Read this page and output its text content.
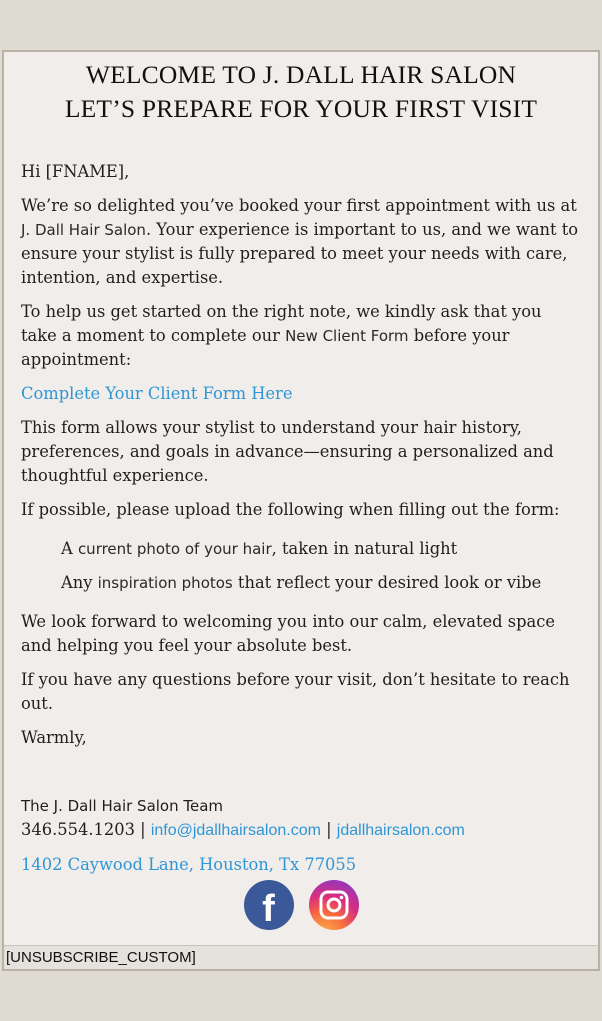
WELCOME TO J. DALL HAIR SALON
LET’S PREPARE FOR YOUR FIRST VISIT

Hi [FNAME],

We’re so delighted you’ve booked your first appointment with us at J. Dall Hair Salon. Your experience is important to us, and we want to ensure your stylist is fully prepared to meet your needs with care, intention, and expertise.

To help us get started on the right note, we kindly ask that you take a moment to complete our New Client Form before your appointment:

Complete Your Client Form Here

This form allows your stylist to understand your hair history, preferences, and goals in advance—ensuring a personalized and thoughtful experience.

If possible, please upload the following when filling out the form:

A current photo of your hair, taken in natural light
Any inspiration photos that reflect your desired look or vibe

We look forward to welcoming you into our calm, elevated space and helping you feel your absolute best.

If you have any questions before your visit, don’t hesitate to reach out.

Warmly,

The J. Dall Hair Salon Team

346.554.1203 | info@jdallhairsalon.com | jdallhairsalon.com

1402 Caywood Lane, Houston, Tx 77055

f
[UNSUBSCRIBE_CUSTOM]
